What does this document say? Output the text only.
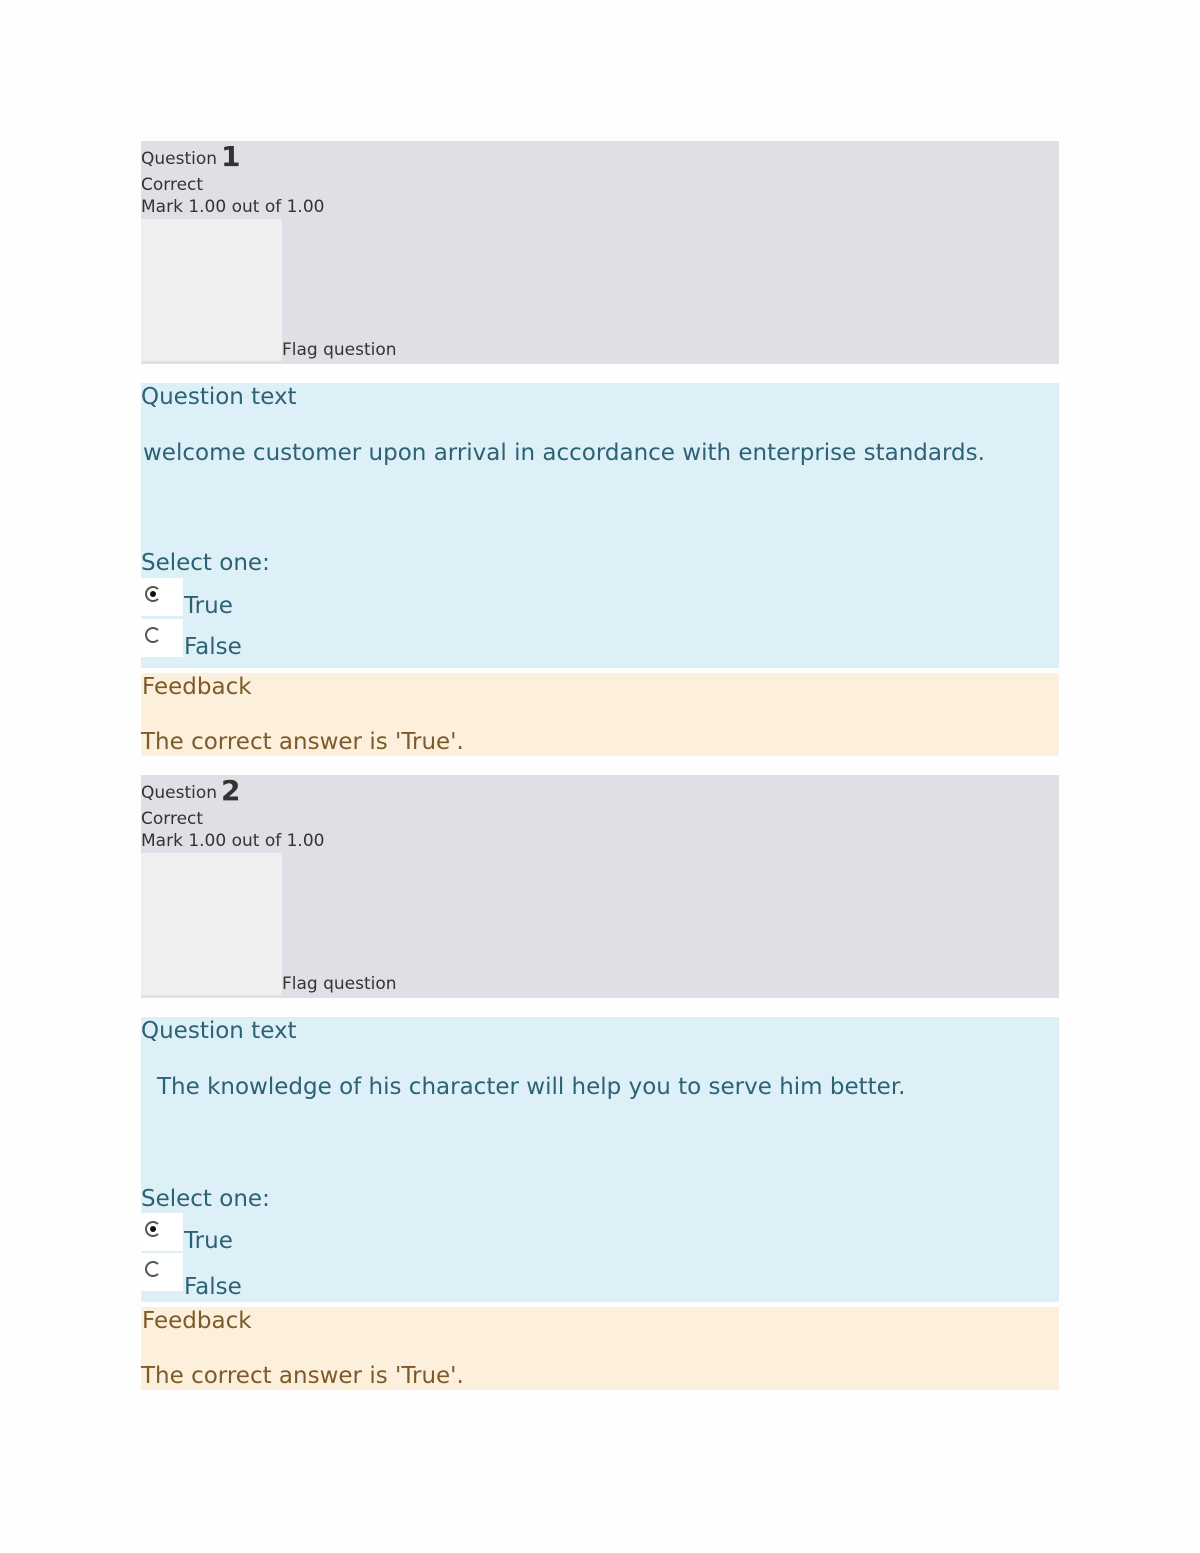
Question 1
Correct
Mark 1.00 out of 1.00
Flag question
Question text
welcome customer upon arrival in accordance with enterprise standards.
Select one:
True
False
Feedback
The correct answer is 'True'.
Question 2
Correct
Mark 1.00 out of 1.00
Flag question
Question text
The knowledge of his character will help you to serve him better.
Select one:
True
False
Feedback
The correct answer is 'True'.
